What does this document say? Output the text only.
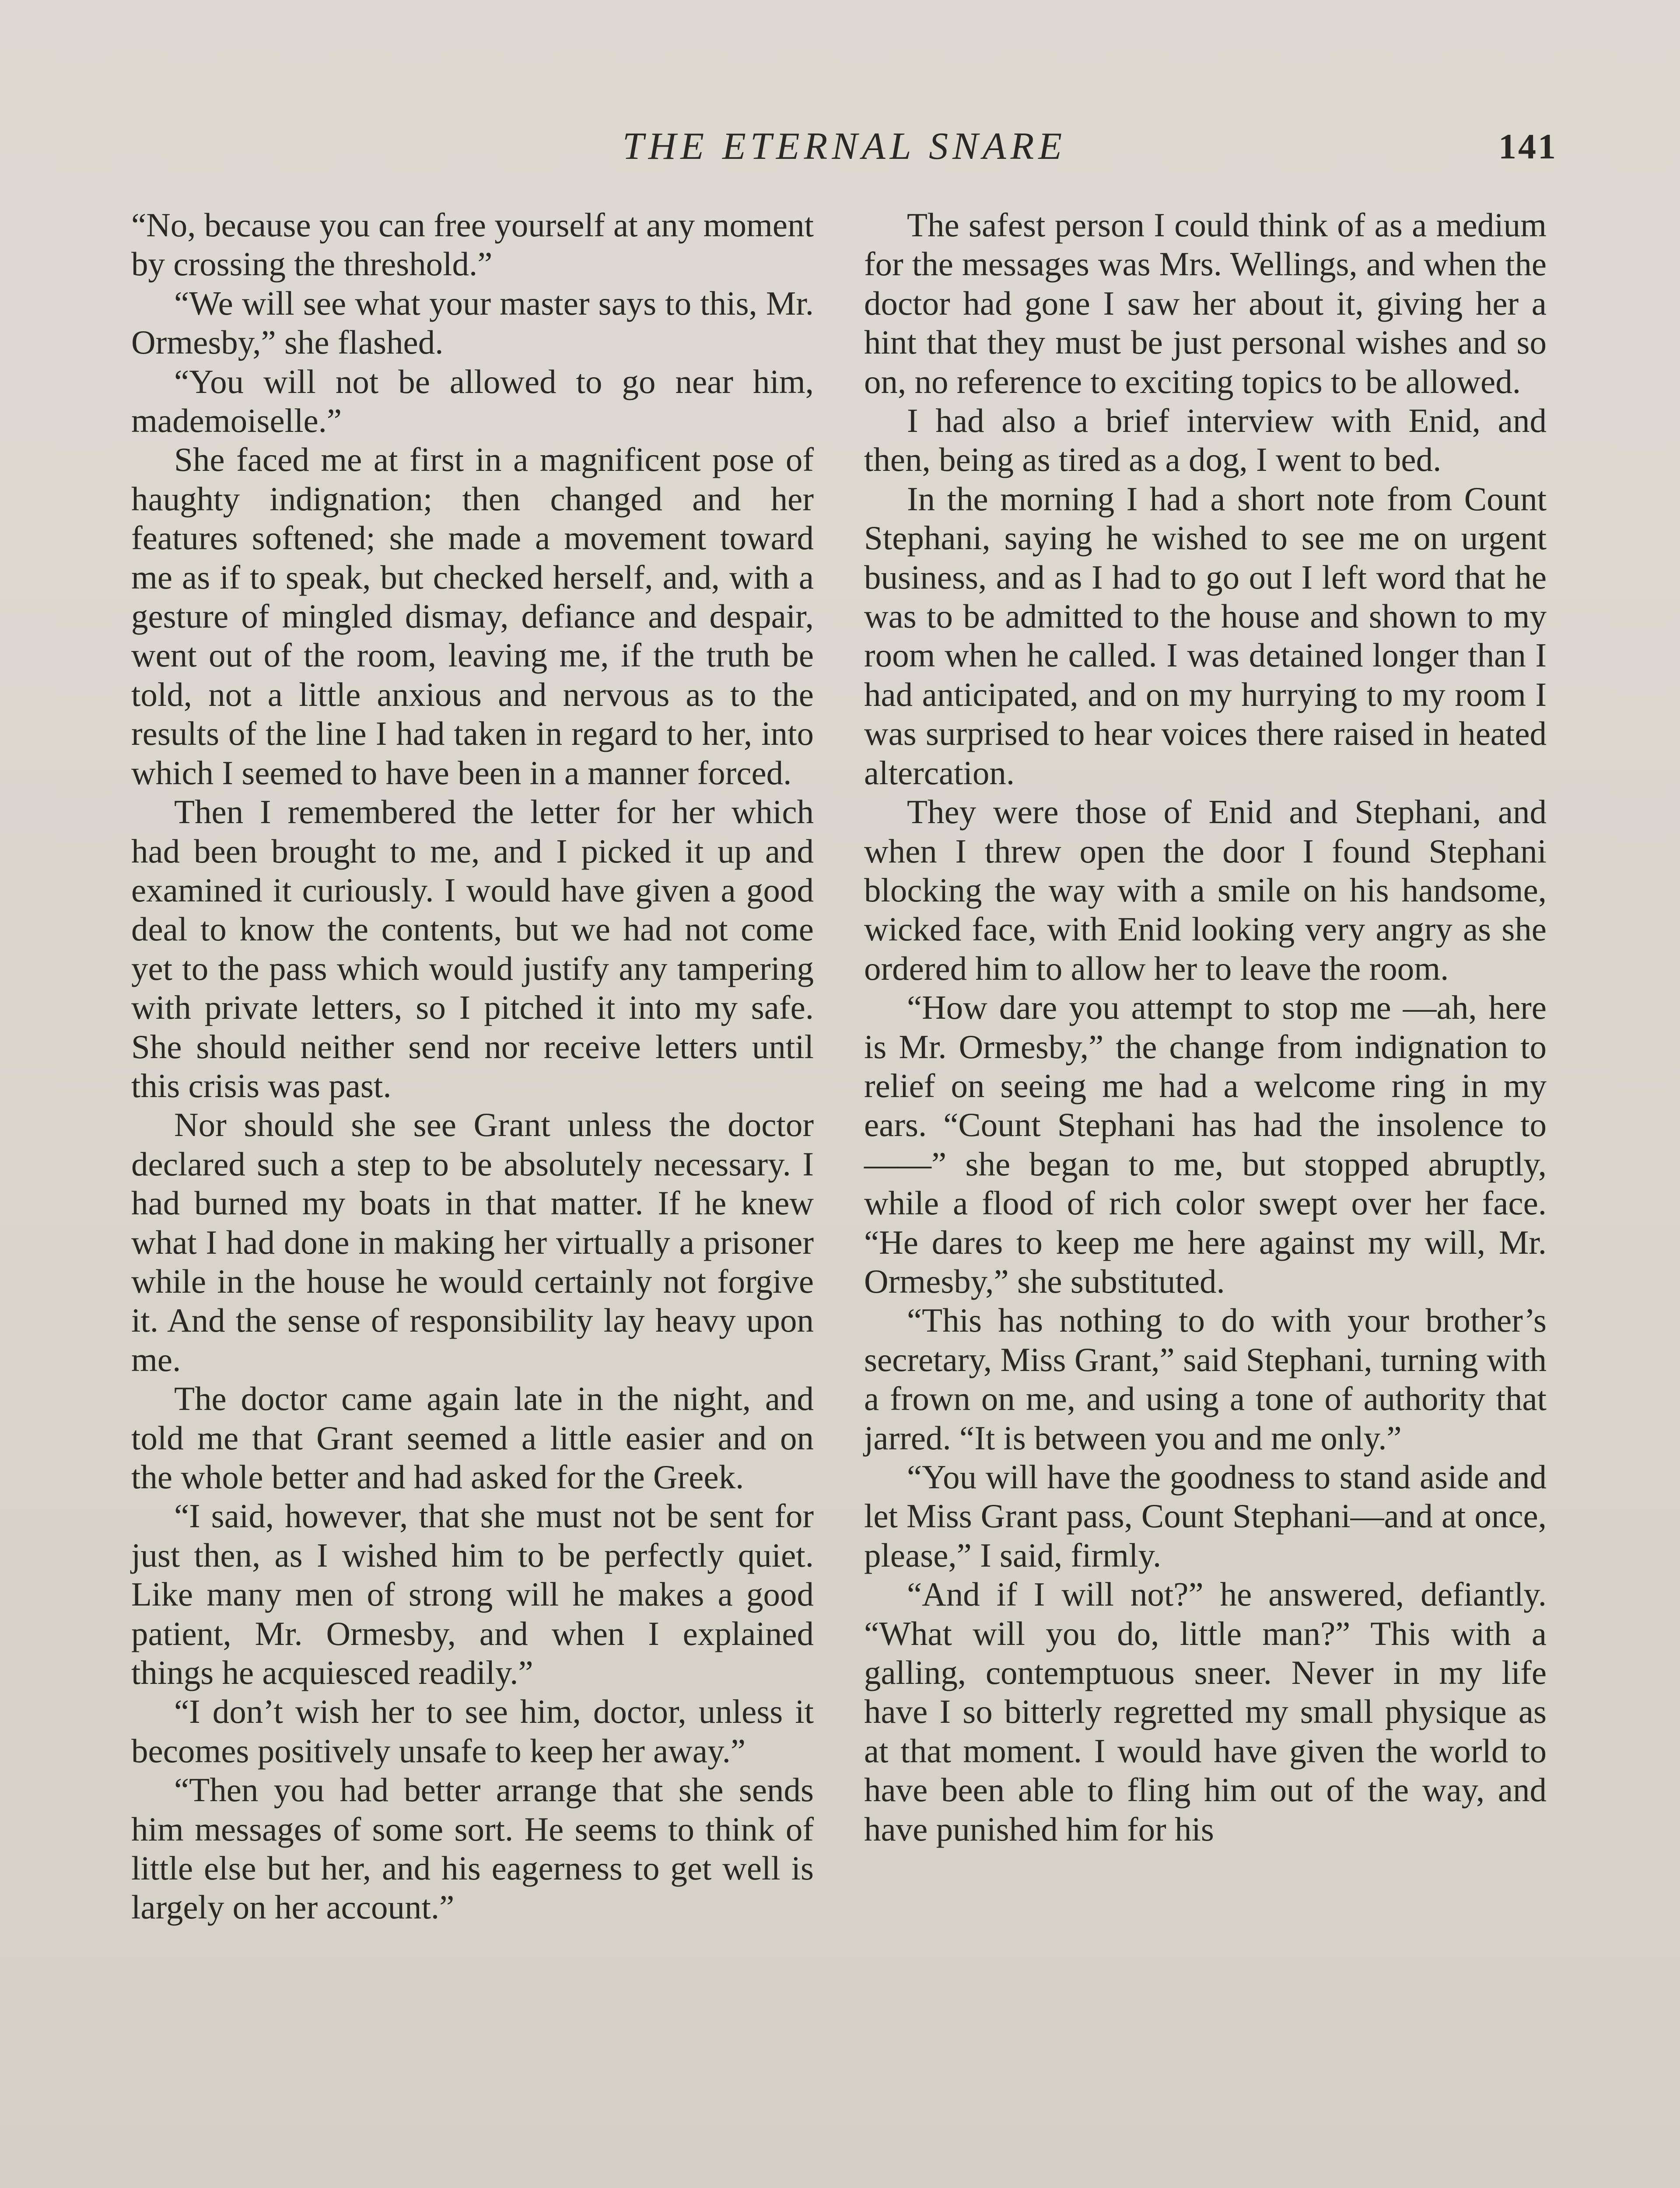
THE ETERNAL SNARE	141

“No, because you can free yourself at any moment by crossing the threshold.”

“We will see what your master says to this, Mr. Ormesby,” she flashed.

“You will not be allowed to go near him, mademoiselle.”

She faced me at first in a magnificent pose of haughty indignation; then changed and her features softened; she made a movement toward me as if to speak, but checked herself, and, with a gesture of mingled dismay, defiance and despair, went out of the room, leaving me, if the truth be told, not a little anxious and nervous as to the results of the line I had taken in regard to her, into which I seemed to have been in a manner forced.

Then I remembered the letter for her which had been brought to me, and I picked it up and examined it curiously. I would have given a good deal to know the contents, but we had not come yet to the pass which would justify any tampering with private letters, so I pitched it into my safe. She should neither send nor receive letters until this crisis was past.

Nor should she see Grant unless the doctor declared such a step to be absolutely necessary. I had burned my boats in that matter. If he knew what I had done in making her virtually a prisoner while in the house he would certainly not forgive it. And the sense of responsibility lay heavy upon me.

The doctor came again late in the night, and told me that Grant seemed a little easier and on the whole better and had asked for the Greek.

“I said, however, that she must not be sent for just then, as I wished him to be perfectly quiet. Like many men of strong will he makes a good patient, Mr. Ormesby, and when I explained things he acquiesced readily.”

“I don’t wish her to see him, doctor, unless it becomes positively unsafe to keep her away.”

“Then you had better arrange that she sends him messages of some sort. He seems to think of little else but her, and his eagerness to get well is largely on her account.”

The safest person I could think of as a medium for the messages was Mrs. Wellings, and when the doctor had gone I saw her about it, giving her a hint that they must be just personal wishes and so on, no reference to exciting topics to be allowed.

I had also a brief interview with Enid, and then, being as tired as a dog, I went to bed.

In the morning I had a short note from Count Stephani, saying he wished to see me on urgent business, and as I had to go out I left word that he was to be admitted to the house and shown to my room when he called. I was detained longer than I had anticipated, and on my hurrying to my room I was surprised to hear voices there raised in heated altercation.

They were those of Enid and Stephani, and when I threw open the door I found Stephani blocking the way with a smile on his handsome, wicked face, with Enid looking very angry as she ordered him to allow her to leave the room.

“How dare you attempt to stop me —ah, here is Mr. Ormesby,” the change from indignation to relief on seeing me had a welcome ring in my ears. “Count Stephani has had the insolence to——” she began to me, but stopped abruptly, while a flood of rich color swept over her face. “He dares to keep me here against my will, Mr. Ormesby,” she substituted.

“This has nothing to do with your brother’s secretary, Miss Grant,” said Stephani, turning with a frown on me, and using a tone of authority that jarred. “It is between you and me only.”

“You will have the goodness to stand aside and let Miss Grant pass, Count Stephani—and at once, please,” I said, firmly.

“And if I will not?” he answered, defiantly. “What will you do, little man?” This with a galling, contemptuous sneer. Never in my life have I so bitterly regretted my small physique as at that moment. I would have given the world to have been able to fling him out of the way, and have punished him for his
